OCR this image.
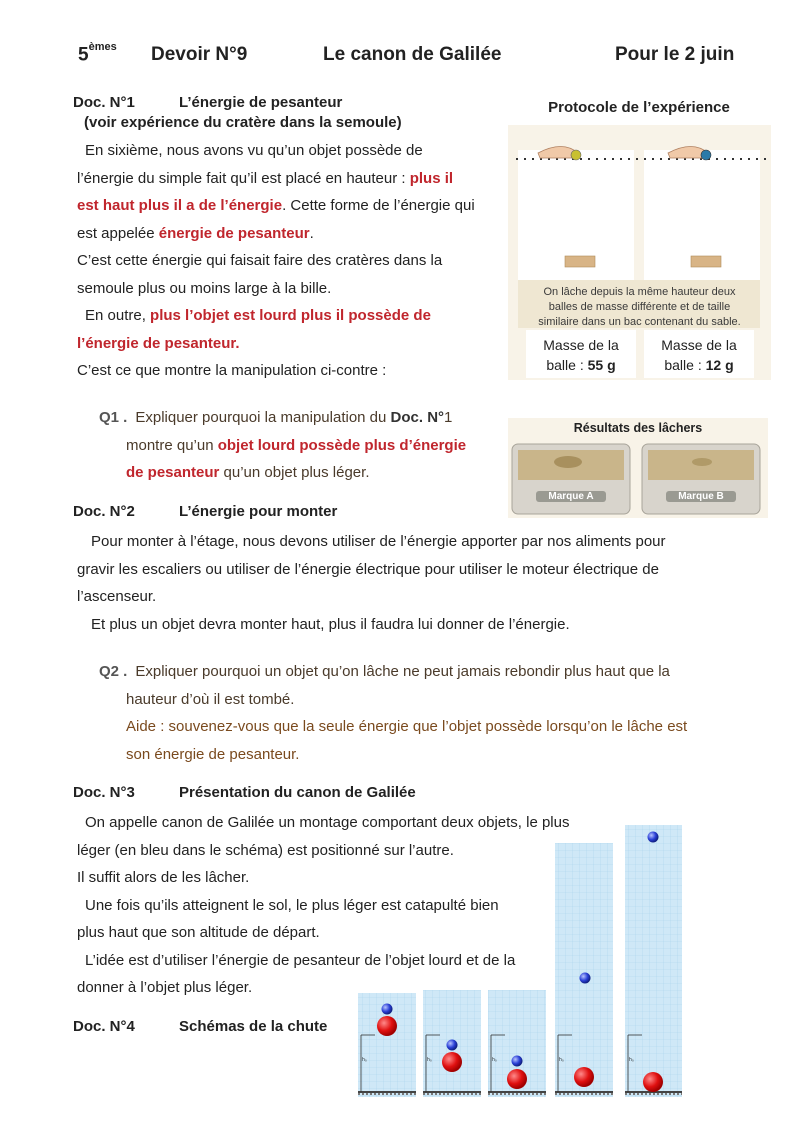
5èmes Devoir N°9	Le canon de Galilée	Pour le 2 juin
Doc. N°1	L’énergie de pesanteur
(voir expérience du cratère dans la semoule)
En sixième, nous avons vu qu’un objet possède de
l’énergie du simple fait qu’il est placé en hauteur : plus il
est haut plus il a de l’énergie. Cette forme de l’énergie qui
est appelée énergie de pesanteur.
C’est cette énergie qui faisait faire des cratères dans la
semoule plus ou moins large à la bille.
En outre, plus l’objet est lourd plus il possède de
l’énergie de pesanteur.
C’est ce que montre la manipulation ci-contre :
Protocole de l’expérience
On lâche depuis la même hauteur deux
balles de masse différente et de taille
similaire dans un bac contenant du sable.
Masse de la
balle : 55 g
Masse de la
balle : 12 g
Résultats des lâchers
Marque A	Marque B
Q1 . Expliquer pourquoi la manipulation du Doc. N°1
montre qu’un objet lourd possède plus d’énergie
de pesanteur qu’un objet plus léger.
Doc. N°2	L’énergie pour monter
Pour monter à l’étage, nous devons utiliser de l’énergie apporter par nos aliments pour
gravir les escaliers ou utiliser de l’énergie électrique pour utiliser le moteur électrique de
l’ascenseur.
Et plus un objet devra monter haut, plus il faudra lui donner de l’énergie.
Q2 . Expliquer pourquoi un objet qu’on lâche ne peut jamais rebondir plus haut que la
hauteur d’où il est tombé.
Aide : souvenez-vous que la seule énergie que l’objet possède lorsqu’on le lâche est
son énergie de pesanteur.
Doc. N°3	Présentation du canon de Galilée
On appelle canon de Galilée un montage comportant deux objets, le plus
léger (en bleu dans le schéma) est positionné sur l’autre.
Il suffit alors de les lâcher.
Une fois qu’ils atteignent le sol, le plus léger est catapulté bien
plus haut que son altitude de départ.
L’idée est d’utiliser l’énergie de pesanteur de l’objet lourd et de la
donner à l’objet plus léger.
Doc. N°4	Schémas de la chute
h₀	h₀	h₀	h₀	h₀
